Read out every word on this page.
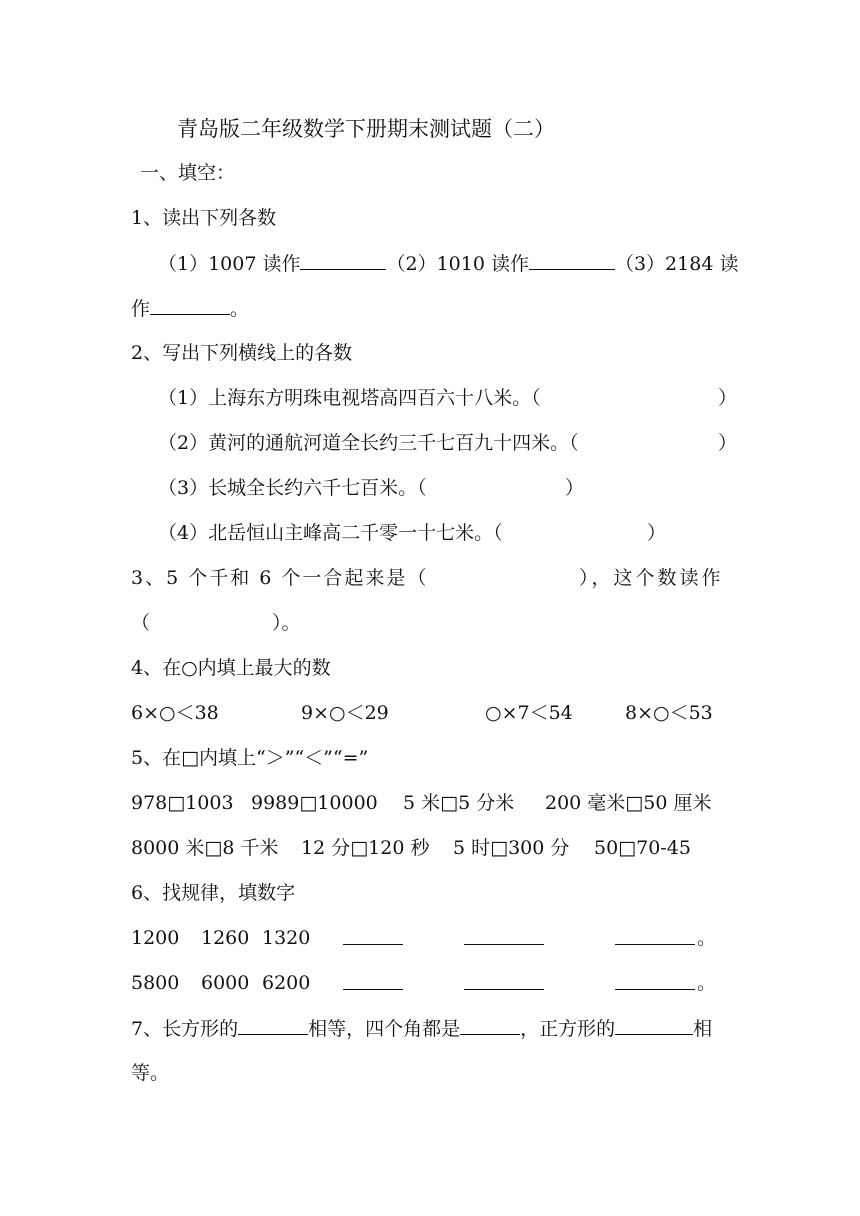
青岛版二年级数学下册期末测试题（二）
一、填空：
1、读出下列各数
（1）1007 读作	（2）1010 读作	（3）2184 读
作	。
2、写出下列横线上的各数
（1）上海东方明珠电视塔高四百六十八米。（	）
（2）黄河的通航河道全长约三千七百九十四米。（	）
（3）长城全长约六千七百米。（	）
（4）北岳恒山主峰高二千零一十七米。（	）
3、5 个千和 6 个一合起来是（	），这个数读作
（	）。
4、在○内填上最大的数
6×○＜38	9×○＜29	○×7＜54	8×○＜53
5、在□内填上“＞”“＜”“=”
978□1003 9989□10000 5 米□5 分米 200 毫米□50 厘米
8000 米□8 千米 12 分□120 秒 5 时□300 分 50□70-45
6、找规律，填数字
1200 1260 1320	。
5800 6000 6200	。
7、长方形的	相等，四个角都是	，正方形的	相
等。
